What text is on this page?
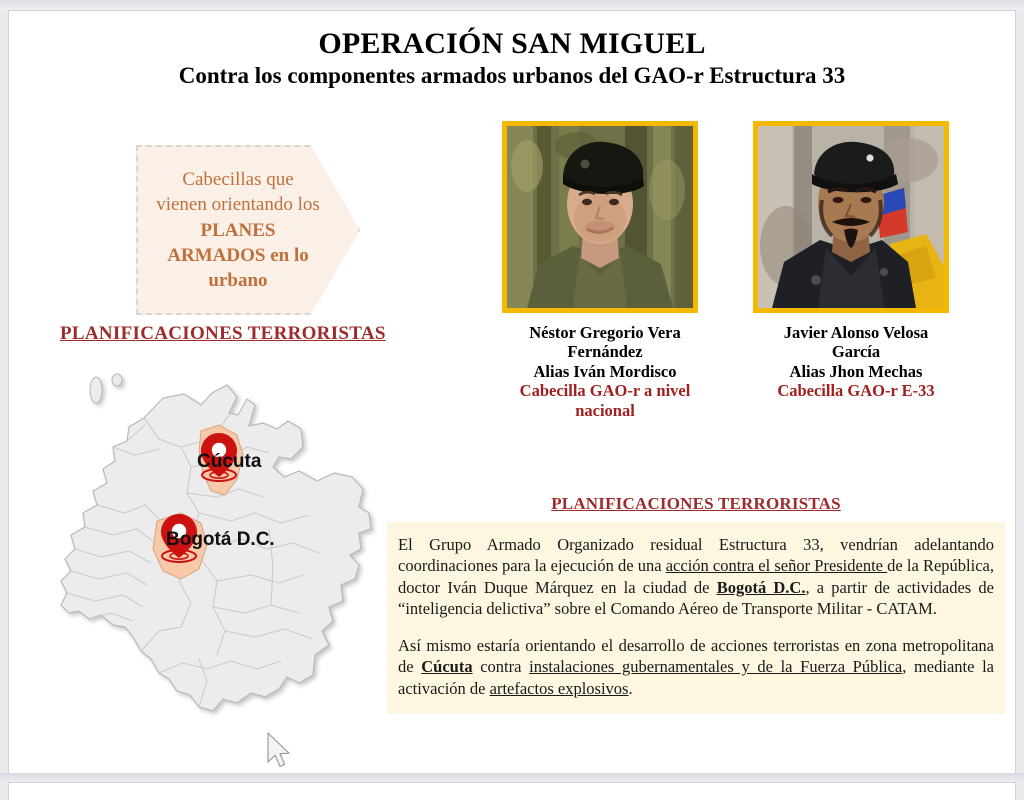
OPERACIÓN SAN MIGUEL
Contra los componentes armados urbanos del GAO-r Estructura 33
Cabecillas que
vienen orientando los
PLANES
ARMADOS en lo
urbano
PLANIFICACIONES TERRORISTAS
Cúcuta
Bogotá D.C.
Néstor Gregorio Vera
Fernández
Alias Iván Mordisco
Cabecilla GAO-r a nivel nacional
Javier Alonso Velosa
García
Alias Jhon Mechas
Cabecilla GAO-r E-33
PLANIFICACIONES TERRORISTAS

El Grupo Armado Organizado residual Estructura 33, vendrían adelantando coordinaciones para la ejecución de una acción contra el señor Presidente de la República, doctor Iván Duque Márquez en la ciudad de Bogotá D.C., a partir de actividades de “inteligencia delictiva” sobre el Comando Aéreo de Transporte Militar - CATAM.

Así mismo estaría orientando el desarrollo de acciones terroristas en zona metropolitana de Cúcuta contra instalaciones gubernamentales y de la Fuerza Pública, mediante la activación de artefactos explosivos.
